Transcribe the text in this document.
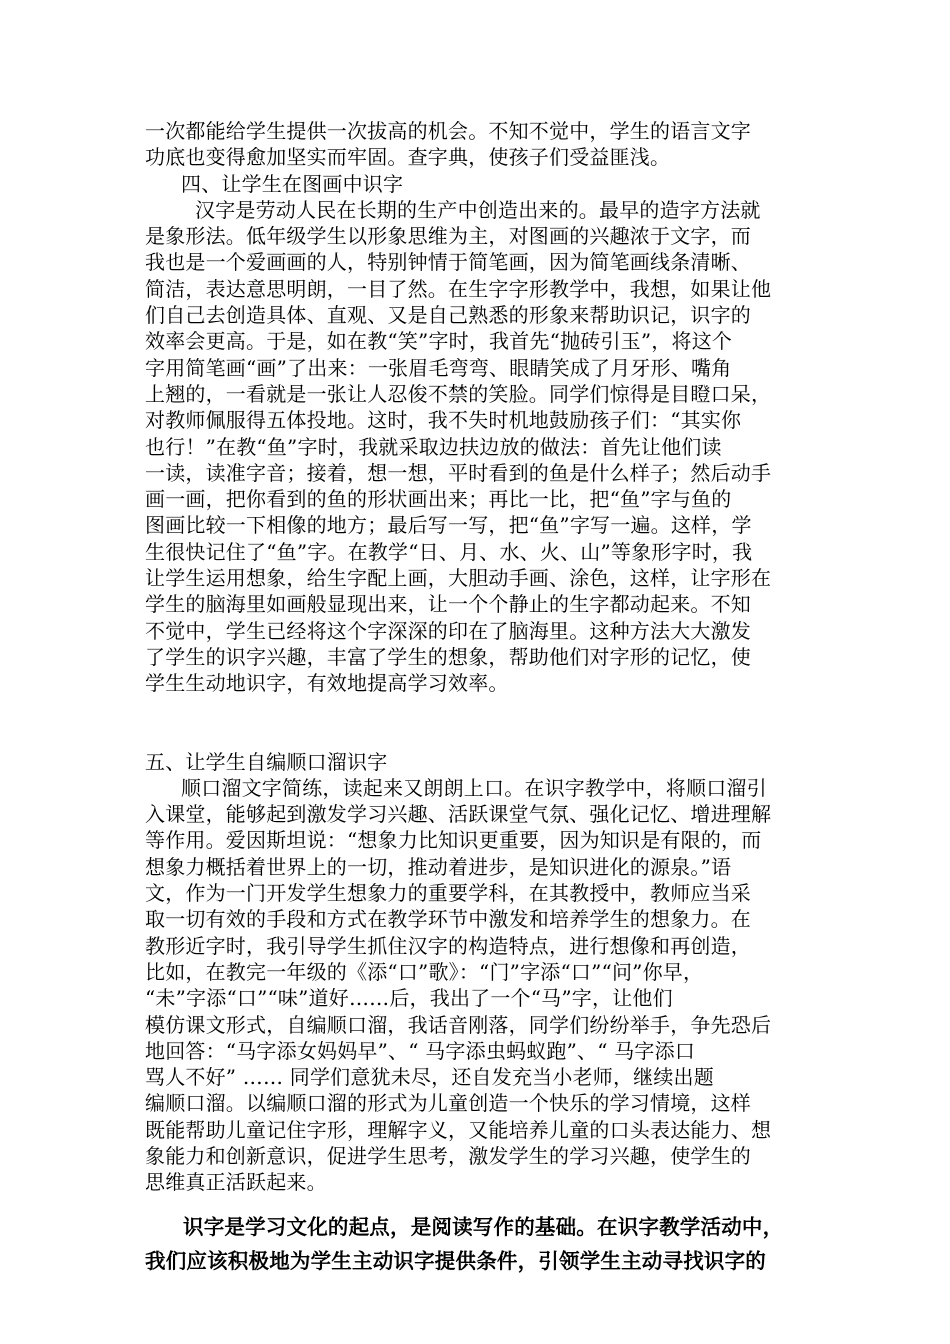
一次都能给学生提供一次拔高的机会。不知不觉中，学生的语言文字
功底也变得愈加坚实而牢固。查字典，使孩子们受益匪浅。
四、让学生在图画中识字
汉字是劳动人民在长期的生产中创造出来的。最早的造字方法就
是象形法。低年级学生以形象思维为主，对图画的兴趣浓于文字，而
我也是一个爱画画的人，特别钟情于简笔画，因为简笔画线条清晰、
简洁，表达意思明朗，一目了然。在生字字形教学中，我想，如果让他
们自己去创造具体、直观、又是自己熟悉的形象来帮助识记，识字的
效率会更高。于是，如在教“笑”字时，我首先“抛砖引玉”，将这个
字用简笔画“画”了出来：一张眉毛弯弯、眼睛笑成了月牙形、嘴角
上翘的，一看就是一张让人忍俊不禁的笑脸。同学们惊得是目瞪口呆，
对教师佩服得五体投地。这时，我不失时机地鼓励孩子们：“其实你
也行！”在教“鱼”字时，我就采取边扶边放的做法：首先让他们读
一读，读准字音；接着，想一想，平时看到的鱼是什么样子；然后动手
画一画，把你看到的鱼的形状画出来；再比一比，把“鱼”字与鱼的
图画比较一下相像的地方；最后写一写，把“鱼”字写一遍。这样，学
生很快记住了“鱼”字。在教学“日、月、水、火、山”等象形字时，我
让学生运用想象，给生字配上画，大胆动手画、涂色，这样，让字形在
学生的脑海里如画般显现出来，让一个个静止的生字都动起来。不知
不觉中，学生已经将这个字深深的印在了脑海里。这种方法大大激发
了学生的识字兴趣，丰富了学生的想象，帮助他们对字形的记忆，使
学生生动地识字，有效地提高学习效率。
五、让学生自编顺口溜识字
顺口溜文字简练，读起来又朗朗上口。在识字教学中，将顺口溜引
入课堂，能够起到激发学习兴趣、活跃课堂气氛、强化记忆、增进理解
等作用。爱因斯坦说：“想象力比知识更重要，因为知识是有限的，而
想象力概括着世界上的一切，推动着进步，是知识进化的源泉。”语
文，作为一门开发学生想象力的重要学科，在其教授中，教师应当采
取一切有效的手段和方式在教学环节中激发和培养学生的想象力。在
教形近字时，我引导学生抓住汉字的构造特点，进行想像和再创造，
比如，在教完一年级的《添“口”歌》：“门”字添“口”“问”你早，
“未”字添“口”“味”道好……后，我出了一个“马”字，让他们
模仿课文形式，自编顺口溜，我话音刚落，同学们纷纷举手，争先恐后
地回答：“马字添女妈妈早”、“ 马字添虫蚂蚁跑”、“ 马字添口
骂人不好” …… 同学们意犹未尽，还自发充当小老师，继续出题
编顺口溜。以编顺口溜的形式为儿童创造一个快乐的学习情境，这样
既能帮助儿童记住字形，理解字义，又能培养儿童的口头表达能力、想
象能力和创新意识，促进学生思考，激发学生的学习兴趣，使学生的
思维真正活跃起来。
识字是学习文化的起点，是阅读写作的基础。在识字教学活动中，
我们应该积极地为学生主动识字提供条件，引领学生主动寻找识字的
